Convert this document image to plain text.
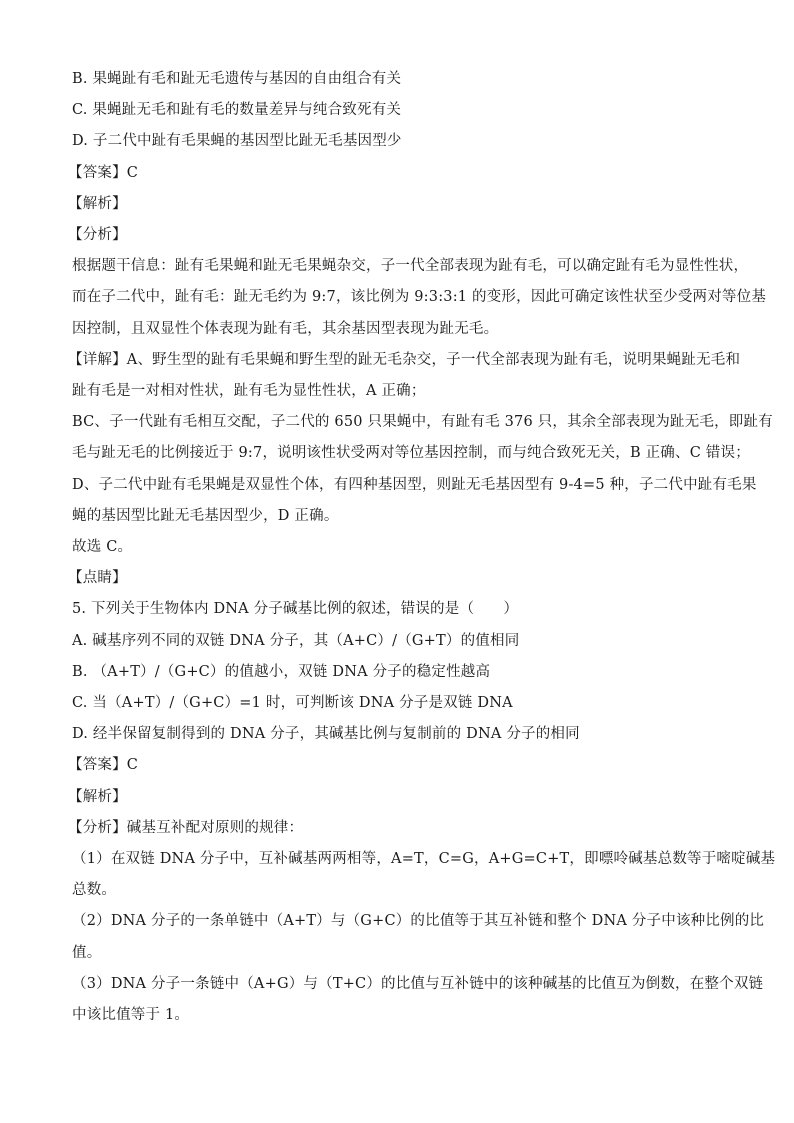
B. 果蝇趾有毛和趾无毛遗传与基因的自由组合有关
C. 果蝇趾无毛和趾有毛的数量差异与纯合致死有关
D. 子二代中趾有毛果蝇的基因型比趾无毛基因型少
【答案】C
【解析】
【分析】
根据题干信息：趾有毛果蝇和趾无毛果蝇杂交，子一代全部表现为趾有毛，可以确定趾有毛为显性性状，
而在子二代中，趾有毛：趾无毛约为 9:7，该比例为 9:3:3:1 的变形，因此可确定该性状至少受两对等位基
因控制，且双显性个体表现为趾有毛，其余基因型表现为趾无毛。
【详解】A、野生型的趾有毛果蝇和野生型的趾无毛杂交，子一代全部表现为趾有毛，说明果蝇趾无毛和
趾有毛是一对相对性状，趾有毛为显性性状，A 正确；
BC、子一代趾有毛相互交配，子二代的 650 只果蝇中，有趾有毛 376 只，其余全部表现为趾无毛，即趾有
毛与趾无毛的比例接近于 9:7，说明该性状受两对等位基因控制，而与纯合致死无关，B 正确、C 错误；
D、子二代中趾有毛果蝇是双显性个体，有四种基因型，则趾无毛基因型有 9-4=5 种，子二代中趾有毛果
蝇的基因型比趾无毛基因型少，D 正确。
故选 C。
【点睛】
5. 下列关于生物体内 DNA 分子碱基比例的叙述，错误的是（　　）
A. 碱基序列不同的双链 DNA 分子，其（A+C）/（G+T）的值相同
B. （A+T）/（G+C）的值越小，双链 DNA 分子的稳定性越高
C. 当（A+T）/（G+C）=1 时，可判断该 DNA 分子是双链 DNA
D. 经半保留复制得到的 DNA 分子，其碱基比例与复制前的 DNA 分子的相同
【答案】C
【解析】
【分析】碱基互补配对原则的规律：
（1）在双链 DNA 分子中，互补碱基两两相等，A=T，C=G，A+G=C+T，即嘌呤碱基总数等于嘧啶碱基
总数。
（2）DNA 分子的一条单链中（A+T）与（G+C）的比值等于其互补链和整个 DNA 分子中该种比例的比
值。
（3）DNA 分子一条链中（A+G）与（T+C）的比值与互补链中的该种碱基的比值互为倒数，在整个双链
中该比值等于 1。
